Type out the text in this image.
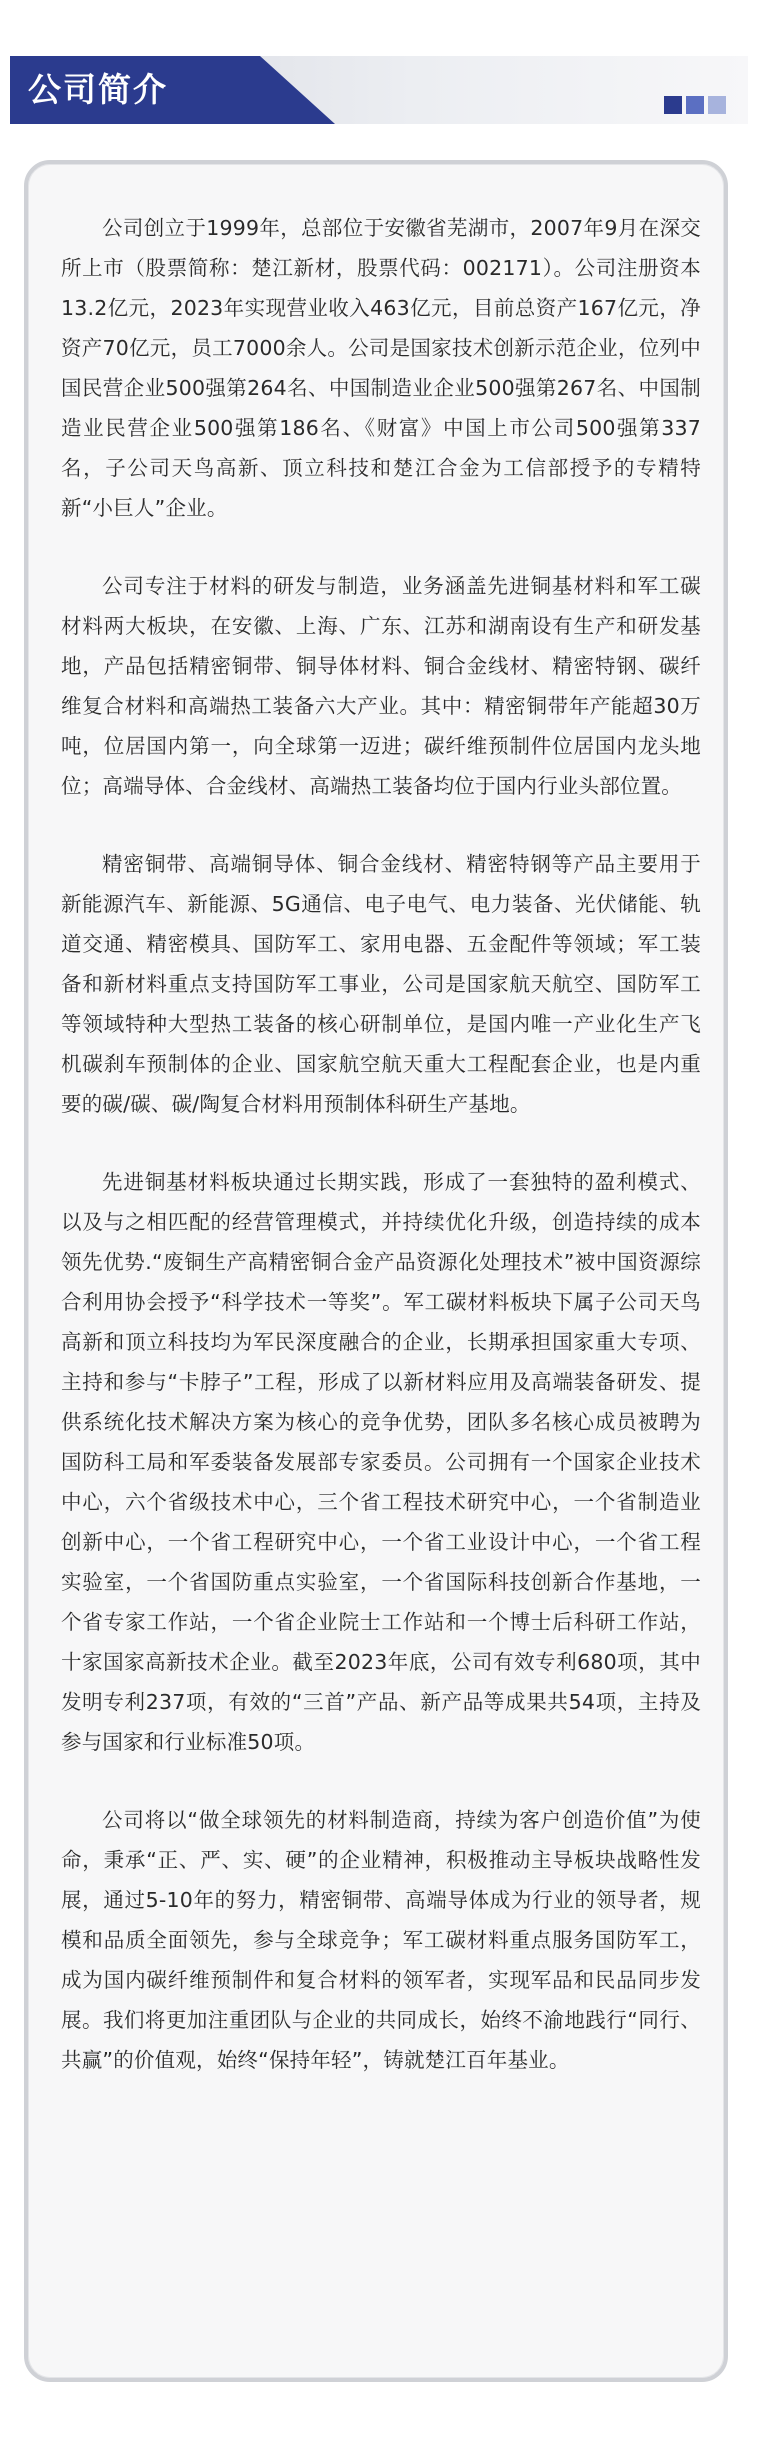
公司简介

公司创立于1999年，总部位于安徽省芜湖市，2007年9月在深交所上市（股票简称：楚江新材，股票代码：002171）。公司注册资本13.2亿元，2023年实现营业收入463亿元，目前总资产167亿元，净资产70亿元，员工7000余人。公司是国家技术创新示范企业，位列中国民营企业500强第264名、中国制造业企业500强第267名、中国制造业民营企业500强第186名、《财富》中国上市公司500强第337名，子公司天鸟高新、顶立科技和楚江合金为工信部授予的专精特新“小巨人”企业。

公司专注于材料的研发与制造，业务涵盖先进铜基材料和军工碳材料两大板块，在安徽、上海、广东、江苏和湖南设有生产和研发基地，产品包括精密铜带、铜导体材料、铜合金线材、精密特钢、碳纤维复合材料和高端热工装备六大产业。其中：精密铜带年产能超30万吨，位居国内第一，向全球第一迈进；碳纤维预制件位居国内龙头地位；高端导体、合金线材、高端热工装备均位于国内行业头部位置。

精密铜带、高端铜导体、铜合金线材、精密特钢等产品主要用于新能源汽车、新能源、5G通信、电子电气、电力装备、光伏储能、轨道交通、精密模具、国防军工、家用电器、五金配件等领域；军工装备和新材料重点支持国防军工事业，公司是国家航天航空、国防军工等领域特种大型热工装备的核心研制单位，是国内唯一产业化生产飞机碳刹车预制体的企业、国家航空航天重大工程配套企业，也是内重要的碳/碳、碳/陶复合材料用预制体科研生产基地。

先进铜基材料板块通过长期实践，形成了一套独特的盈利模式、以及与之相匹配的经营管理模式，并持续优化升级，创造持续的成本领先优势.“废铜生产高精密铜合金产品资源化处理技术”被中国资源综合利用协会授予“科学技术一等奖”。军工碳材料板块下属子公司天鸟高新和顶立科技均为军民深度融合的企业，长期承担国家重大专项、主持和参与“卡脖子”工程，形成了以新材料应用及高端装备研发、提供系统化技术解决方案为核心的竞争优势，团队多名核心成员被聘为国防科工局和军委装备发展部专家委员。公司拥有一个国家企业技术中心，六个省级技术中心，三个省工程技术研究中心，一个省制造业创新中心，一个省工程研究中心，一个省工业设计中心，一个省工程实验室，一个省国防重点实验室，一个省国际科技创新合作基地，一个省专家工作站，一个省企业院士工作站和一个博士后科研工作站，十家国家高新技术企业。截至2023年底，公司有效专利680项，其中发明专利237项，有效的“三首”产品、新产品等成果共54项，主持及参与国家和行业标准50项。

公司将以“做全球领先的材料制造商，持续为客户创造价值”为使命，秉承“正、严、实、硬”的企业精神，积极推动主导板块战略性发展，通过5-10年的努力，精密铜带、高端导体成为行业的领导者，规模和品质全面领先，参与全球竞争；军工碳材料重点服务国防军工，成为国内碳纤维预制件和复合材料的领军者，实现军品和民品同步发展。我们将更加注重团队与企业的共同成长，始终不渝地践行“同行、共赢”的价值观，始终“保持年轻”，铸就楚江百年基业。
